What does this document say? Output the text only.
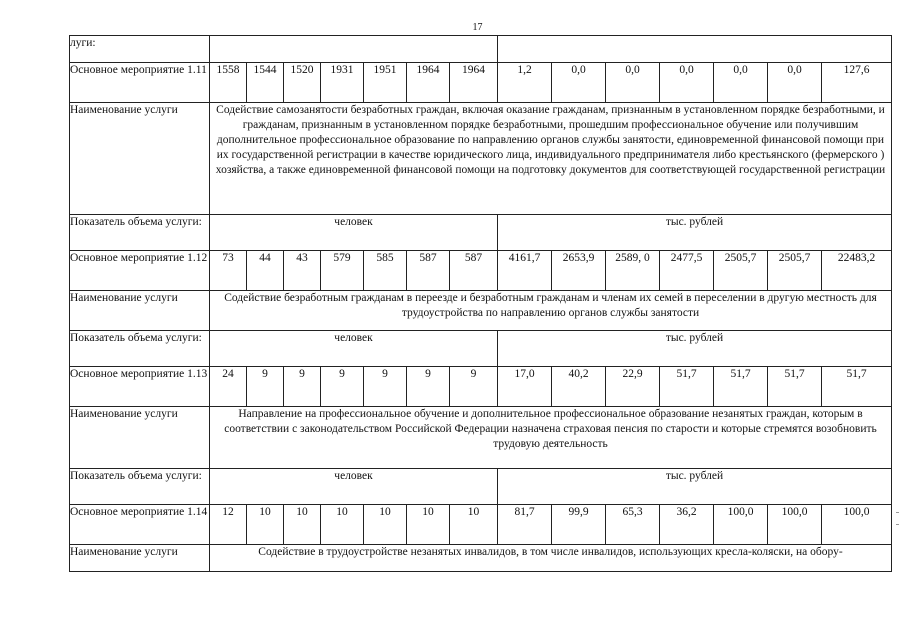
17
луги:														
Основное мероприятие 1.11	1558	1544	1520	1931	1951	1964	1964	1,2	0,0	0,0	0,0	0,0	0,0	127,6
Наименование услуги	Содействие самозанятости безработных граждан, включая оказание гражданам, признанным в установленном порядке безработными, и гражданам, признанным в установленном порядке безработными, прошедшим профессиональное обучение или получившим дополнительное профессиональное образование по направлению органов службы занятости, единовременной финансовой помощи при их государственной регистрации в качестве юридического лица, индивидуального предпринимателя либо крестьянского (фермерского ) хозяйства, а также единовременной финансовой помощи на подготовку документов для соответствующей государственной регистрации													
Показатель объема услуги:	человек							тыс. рублей						
Основное мероприятие 1.12	73	44	43	579	585	587	587	4161,7	2653,9	2589, 0	2477,5	2505,7	2505,7	22483,2
Наименование услуги	Содействие безработным гражданам в переезде и безработным гражданам и членам их семей в переселении в другую местность для трудоустройства по направлению органов службы занятости													
Показатель объема услуги:	человек							тыс. рублей						
Основное мероприятие 1.13	24	9	9	9	9	9	9	17,0	40,2	22,9	51,7	51,7	51,7	51,7
Наименование услуги	Направление на профессиональное обучение и дополнительное профессиональное образование незанятых граждан, которым в соответствии с законодательством Российской Федерации назначена страховая пенсия по старости и которые стремятся возобновить трудовую деятельность													
Показатель объема услуги:	человек							тыс. рублей						
Основное мероприятие 1.14	12	10	10	10	10	10	10	81,7	99,9	65,3	36,2	100,0	100,0	100,0
Наименование услуги	Содействие в трудоустройстве незанятых инвалидов, в том числе инвалидов, использующих кресла-коляски, на обору-													
